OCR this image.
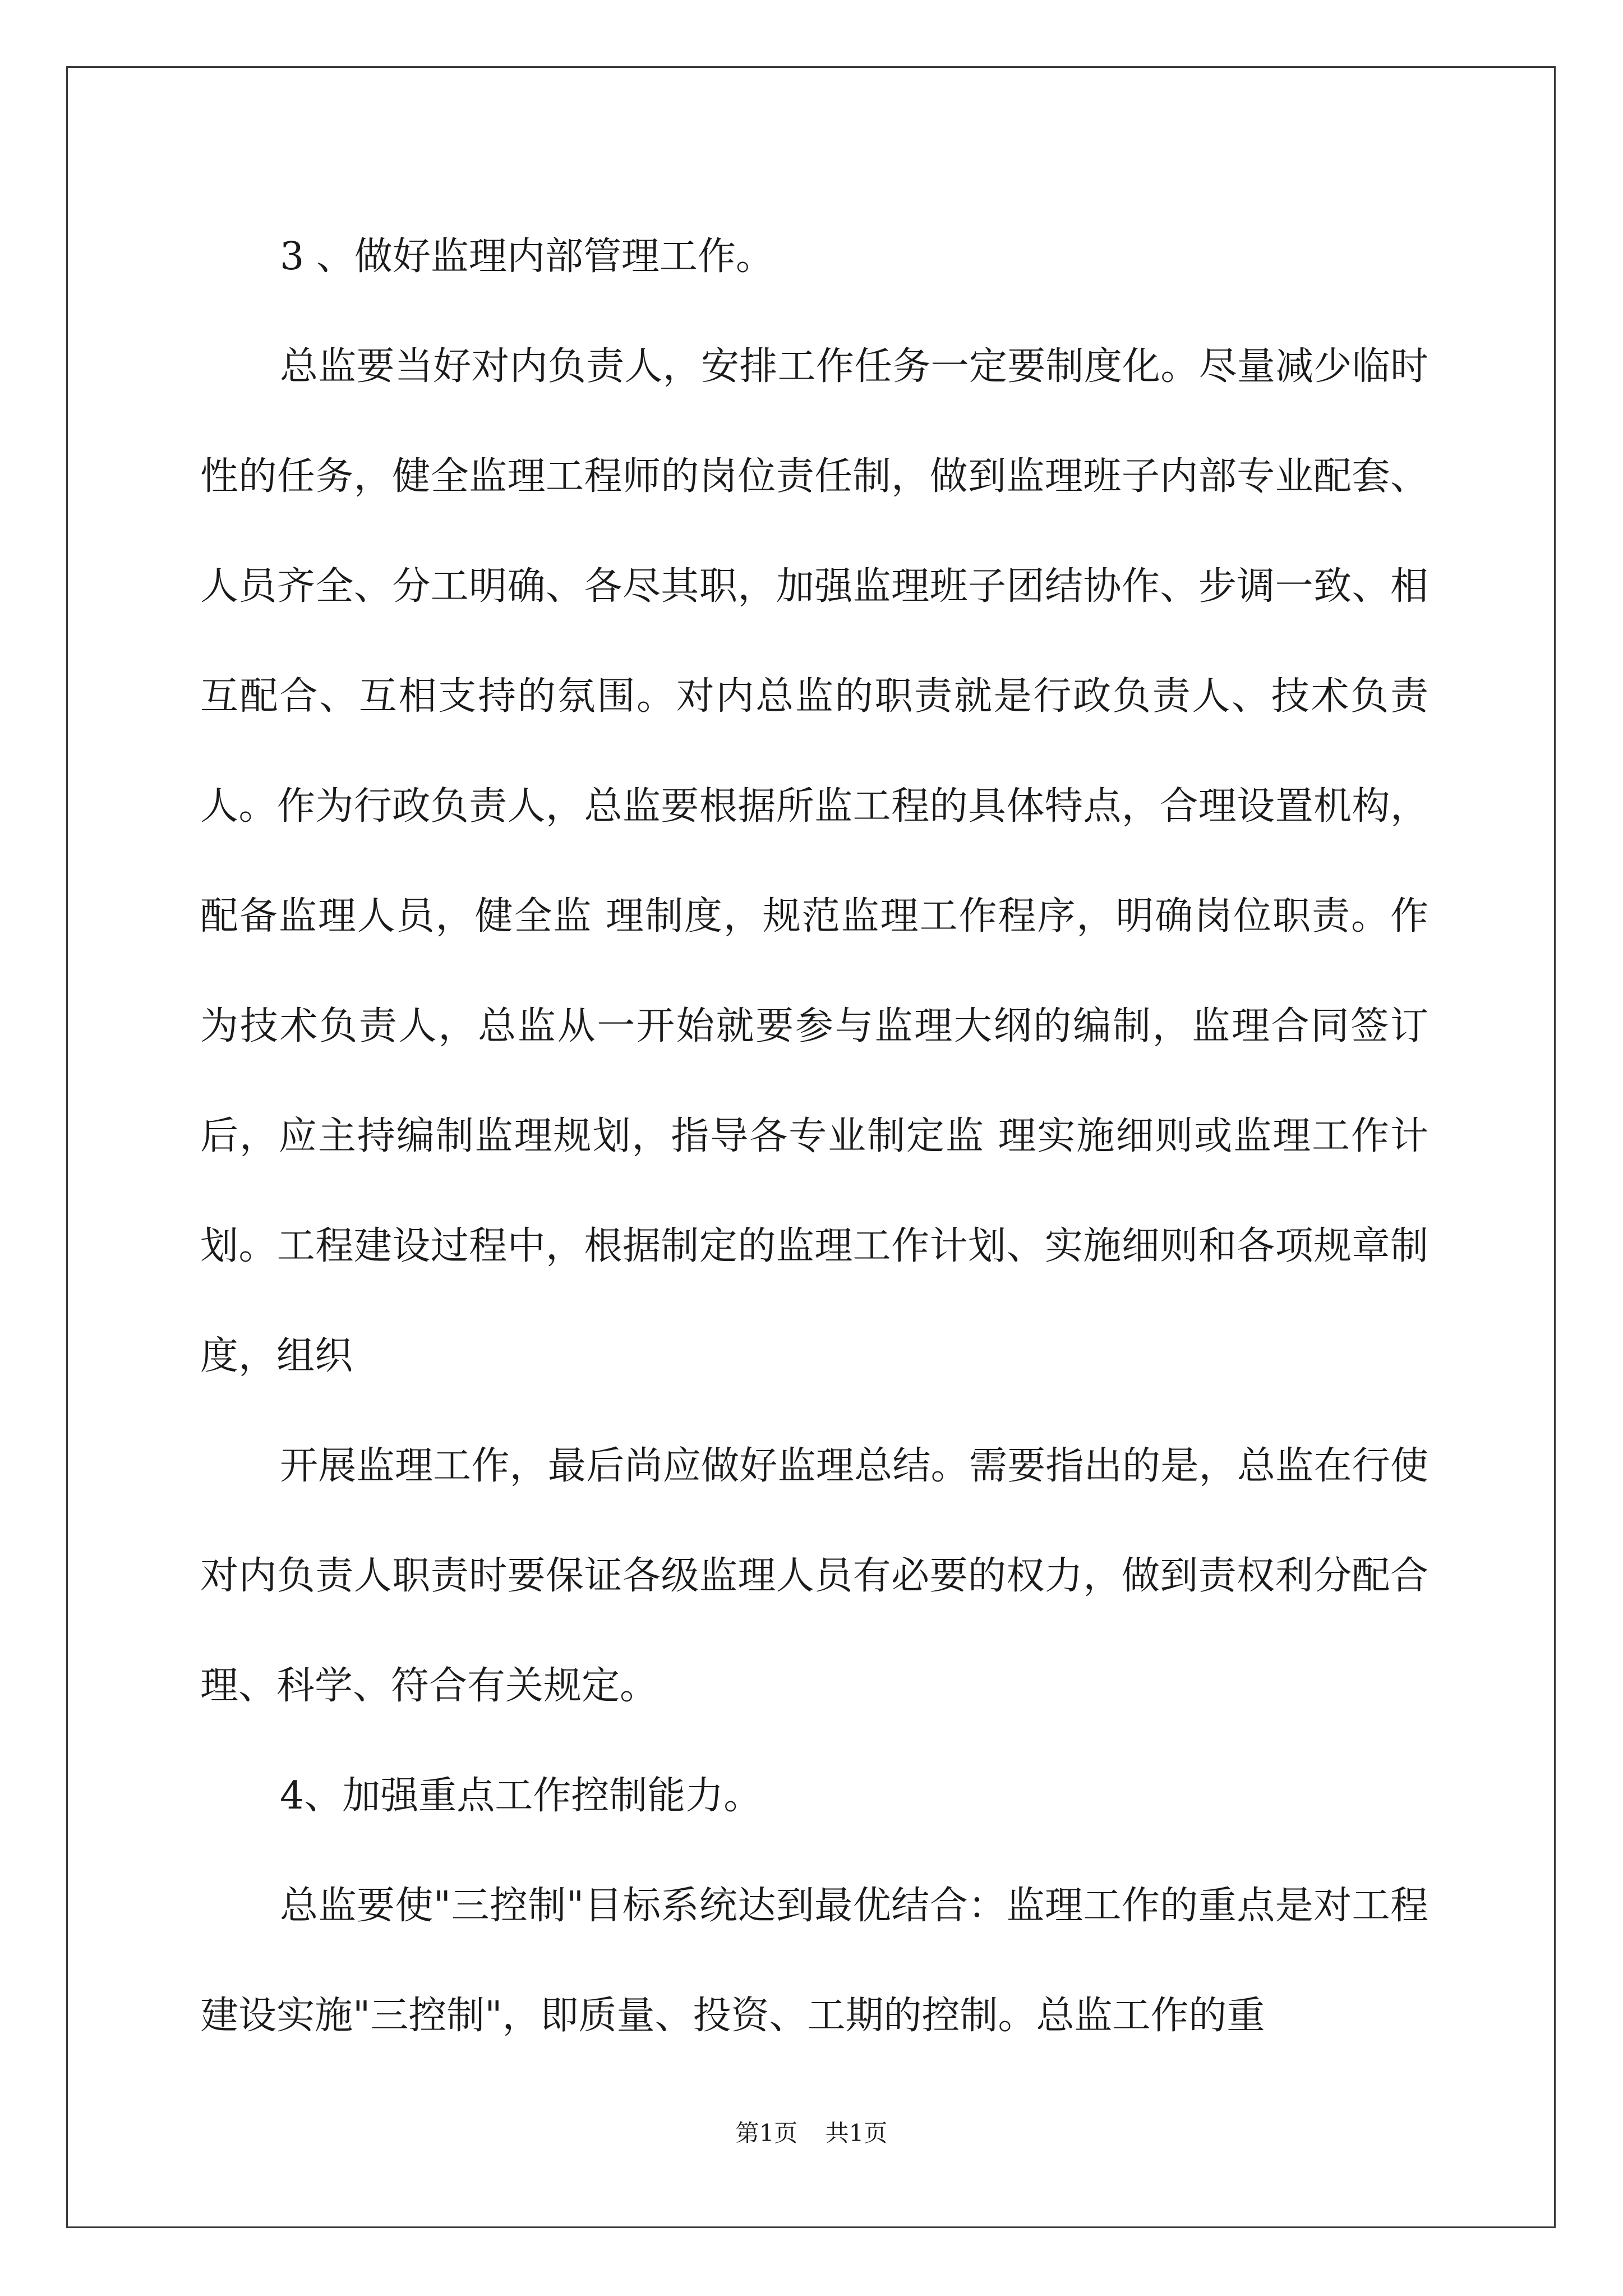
3 、做好监理内部管理工作。

总监要当好对内负责人，安排工作任务一定要制度化。尽量减少临时性的任务，健全监理工程师的岗位责任制，做到监理班子内部专业配套、人员齐全、分工明确、各尽其职，加强监理班子团结协作、步调一致、相互配合、互相支持的氛围。对内总监的职责就是行政负责人、技术负责人。作为行政负责人，总监要根据所监工程的具体特点，合理设置机构，配备监理人员，健全监 理制度，规范监理工作程序，明确岗位职责。作为技术负责人，总监从一开始就要参与监理大纲的编制，监理合同签订后，应主持编制监理规划，指导各专业制定监 理实施细则或监理工作计划。工程建设过程中，根据制定的监理工作计划、实施细则和各项规章制度，组织

开展监理工作，最后尚应做好监理总结。需要指出的是，总监在行使对内负责人职责时要保证各级监理人员有必要的权力，做到责权利分配合理、科学、符合有关规定。

4、加强重点工作控制能力。

总监要使"三控制"目标系统达到最优结合：监理工作的重点是对工程建设实施"三控制"，即质量、投资、工期的控制。总监工作的重

第1页 共1页
